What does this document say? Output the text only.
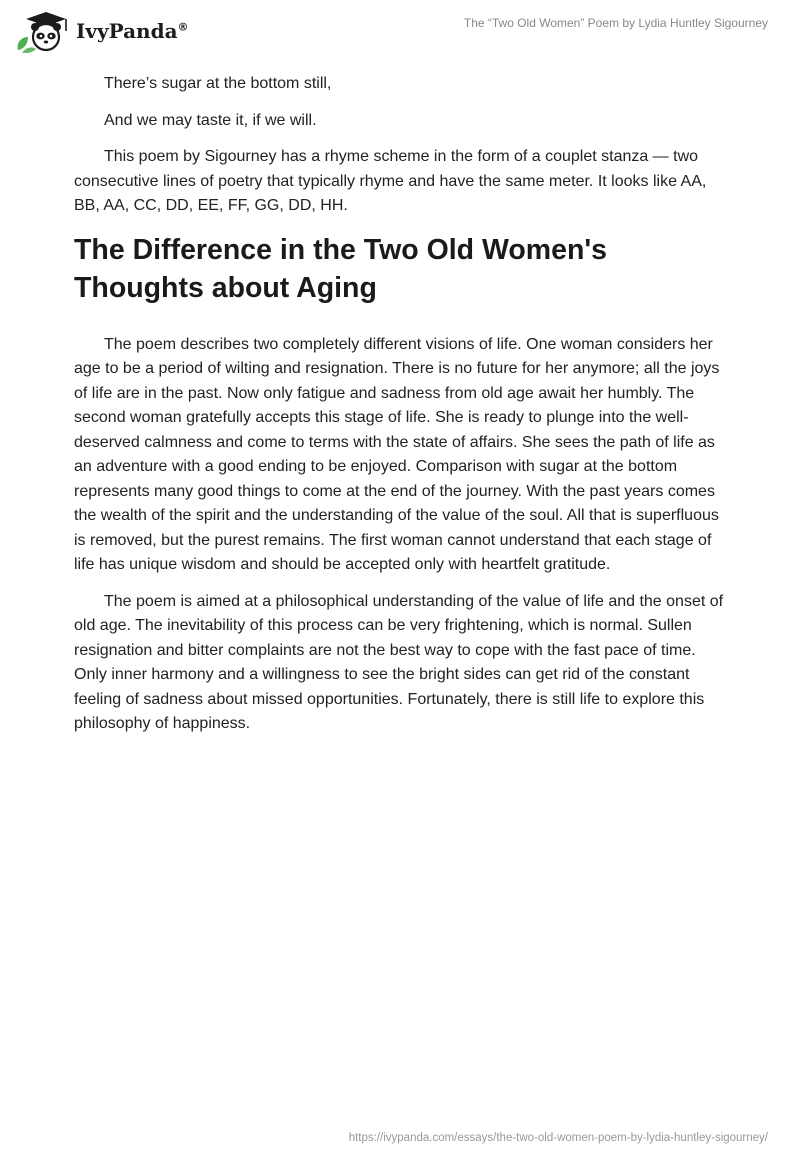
IvyPanda®	The “Two Old Women” Poem by Lydia Huntley Sigourney

There’s sugar at the bottom still,

And we may taste it, if we will.

This poem by Sigourney has a rhyme scheme in the form of a couplet stanza — two consecutive lines of poetry that typically rhyme and have the same meter. It looks like AA, BB, AA, CC, DD, EE, FF, GG, DD, HH.

The Difference in the Two Old Women's Thoughts about Aging

The poem describes two completely different visions of life. One woman considers her age to be a period of wilting and resignation. There is no future for her anymore; all the joys of life are in the past. Now only fatigue and sadness from old age await her humbly. The second woman gratefully accepts this stage of life. She is ready to plunge into the well-deserved calmness and come to terms with the state of affairs. She sees the path of life as an adventure with a good ending to be enjoyed. Comparison with sugar at the bottom represents many good things to come at the end of the journey. With the past years comes the wealth of the spirit and the understanding of the value of the soul. All that is superfluous is removed, but the purest remains. The first woman cannot understand that each stage of life has unique wisdom and should be accepted only with heartfelt gratitude.

The poem is aimed at a philosophical understanding of the value of life and the onset of old age. The inevitability of this process can be very frightening, which is normal. Sullen resignation and bitter complaints are not the best way to cope with the fast pace of time. Only inner harmony and a willingness to see the bright sides can get rid of the constant feeling of sadness about missed opportunities. Fortunately, there is still life to explore this philosophy of happiness.

https://ivypanda.com/essays/the-two-old-women-poem-by-lydia-huntley-sigourney/
